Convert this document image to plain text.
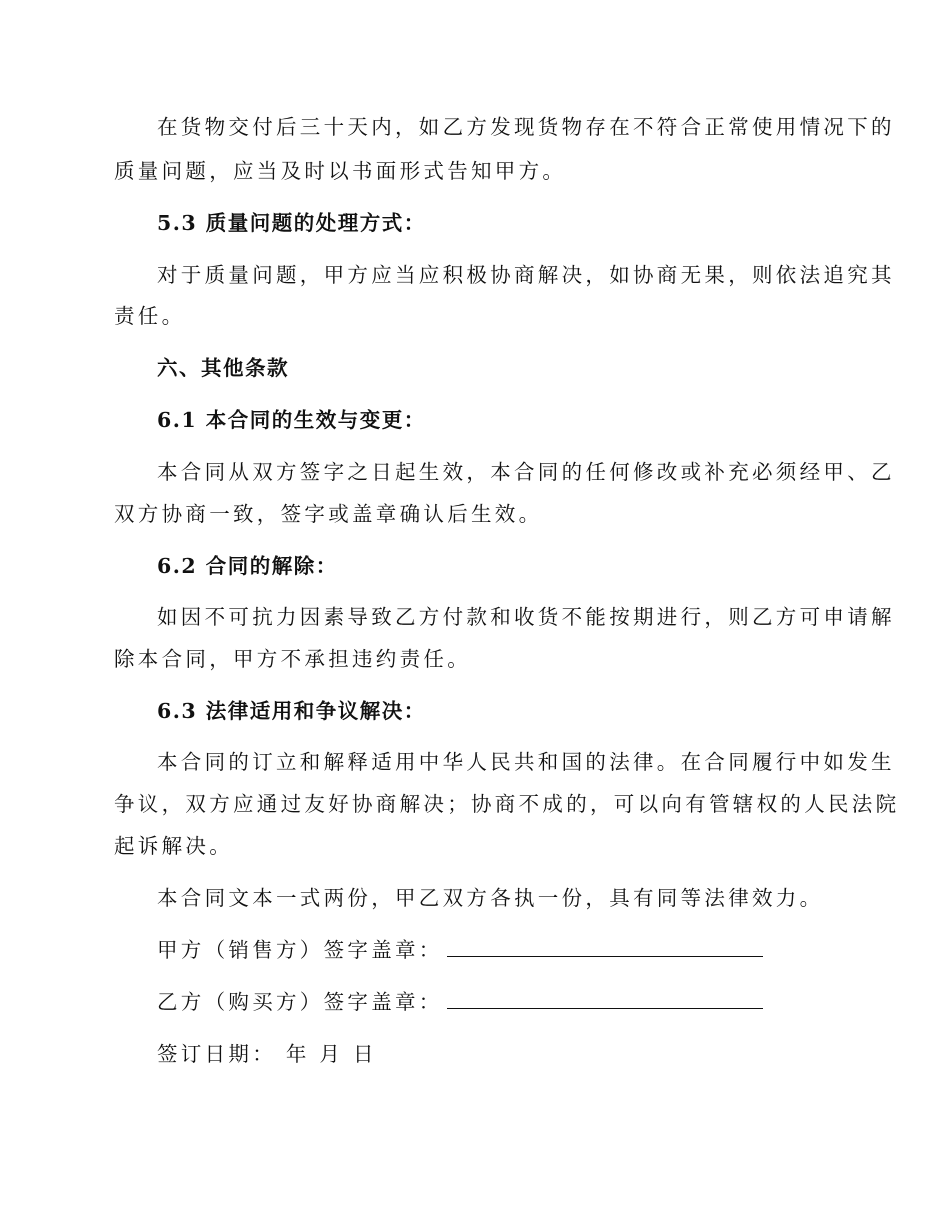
在货物交付后三十天内，如乙方发现货物存在不符合正常使用情况下的
质量问题，应当及时以书面形式告知甲方。
5.3 质量问题的处理方式：
对于质量问题，甲方应当应积极协商解决，如协商无果，则依法追究其
责任。
六、其他条款
6.1 本合同的生效与变更：
本合同从双方签字之日起生效，本合同的任何修改或补充必须经甲、乙
双方协商一致，签字或盖章确认后生效。
6.2 合同的解除：
如因不可抗力因素导致乙方付款和收货不能按期进行，则乙方可申请解
除本合同，甲方不承担违约责任。
6.3 法律适用和争议解决：
本合同的订立和解释适用中华人民共和国的法律。在合同履行中如发生
争议，双方应通过友好协商解决；协商不成的，可以向有管辖权的人民法院
起诉解决。
本合同文本一式两份，甲乙双方各执一份，具有同等法律效力。
甲方（销售方）签字盖章：
乙方（购买方）签字盖章：
签订日期： 年 月 日
